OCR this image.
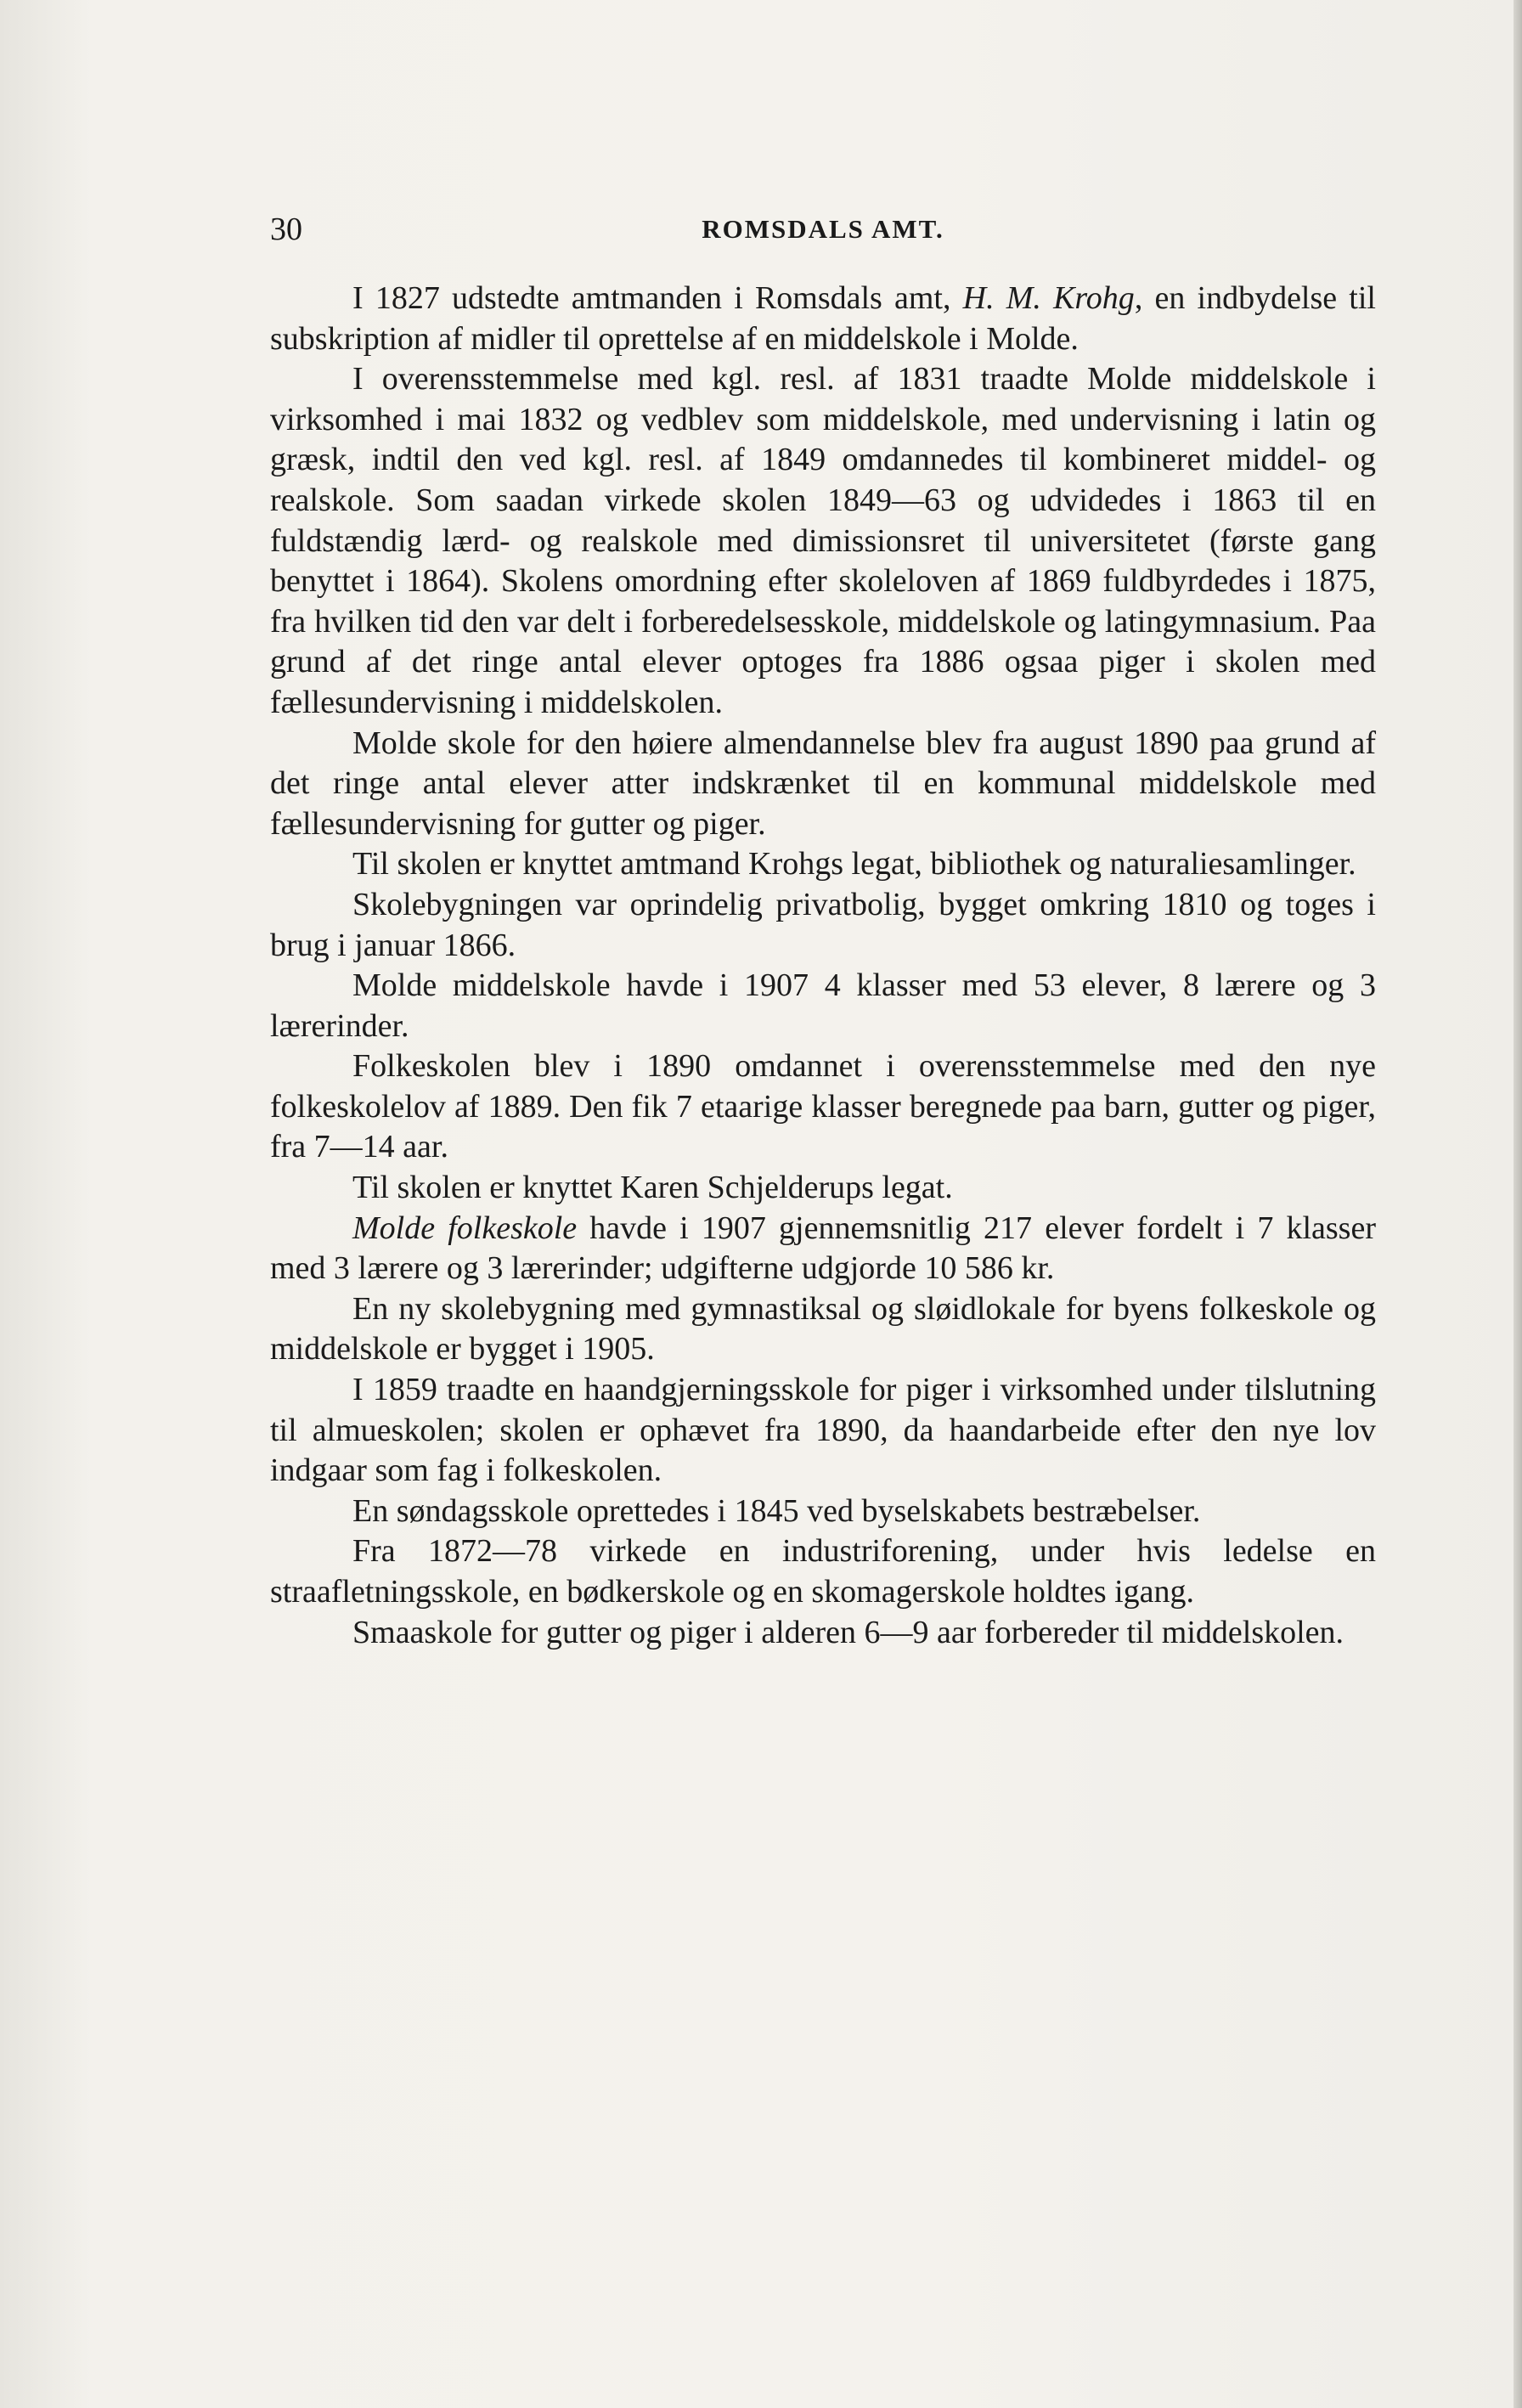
30	ROMSDALS AMT.

I 1827 udstedte amtmanden i Romsdals amt, H. M. Krohg, en indbydelse til subskription af midler til oprettelse af en middelskole i Molde.

I overensstemmelse med kgl. resl. af 1831 traadte Molde middelskole i virksomhed i mai 1832 og vedblev som middelskole, med undervisning i latin og græsk, indtil den ved kgl. resl. af 1849 omdannedes til kombineret middel- og realskole. Som saadan virkede skolen 1849—63 og udvidedes i 1863 til en fuldstændig lærd- og realskole med dimissionsret til universitetet (første gang benyttet i 1864). Skolens omordning efter skoleloven af 1869 fuldbyrdedes i 1875, fra hvilken tid den var delt i forberedelsesskole, middelskole og latingymnasium. Paa grund af det ringe antal elever optoges fra 1886 ogsaa piger i skolen med fællesundervisning i middelskolen.

Molde skole for den høiere almendannelse blev fra august 1890 paa grund af det ringe antal elever atter indskrænket til en kommunal middelskole med fællesundervisning for gutter og piger.

Til skolen er knyttet amtmand Krohgs legat, bibliothek og naturaliesamlinger.

Skolebygningen var oprindelig privatbolig, bygget omkring 1810 og toges i brug i januar 1866.

Molde middelskole havde i 1907 4 klasser med 53 elever, 8 lærere og 3 lærerinder.

Folkeskolen blev i 1890 omdannet i overensstemmelse med den nye folkeskolelov af 1889. Den fik 7 etaarige klasser beregnede paa barn, gutter og piger, fra 7—14 aar.

Til skolen er knyttet Karen Schjelderups legat.

Molde folkeskole havde i 1907 gjennemsnitlig 217 elever fordelt i 7 klasser med 3 lærere og 3 lærerinder; udgifterne udgjorde 10 586 kr.

En ny skolebygning med gymnastiksal og sløidlokale for byens folkeskole og middelskole er bygget i 1905.

I 1859 traadte en haandgjerningsskole for piger i virksomhed under tilslutning til almueskolen; skolen er ophævet fra 1890, da haandarbeide efter den nye lov indgaar som fag i folkeskolen.

En søndagsskole oprettedes i 1845 ved byselskabets bestræbelser.

Fra 1872—78 virkede en industriforening, under hvis ledelse en straafletningsskole, en bødkerskole og en skomagerskole holdtes igang.

Smaaskole for gutter og piger i alderen 6—9 aar forbereder til middelskolen.
